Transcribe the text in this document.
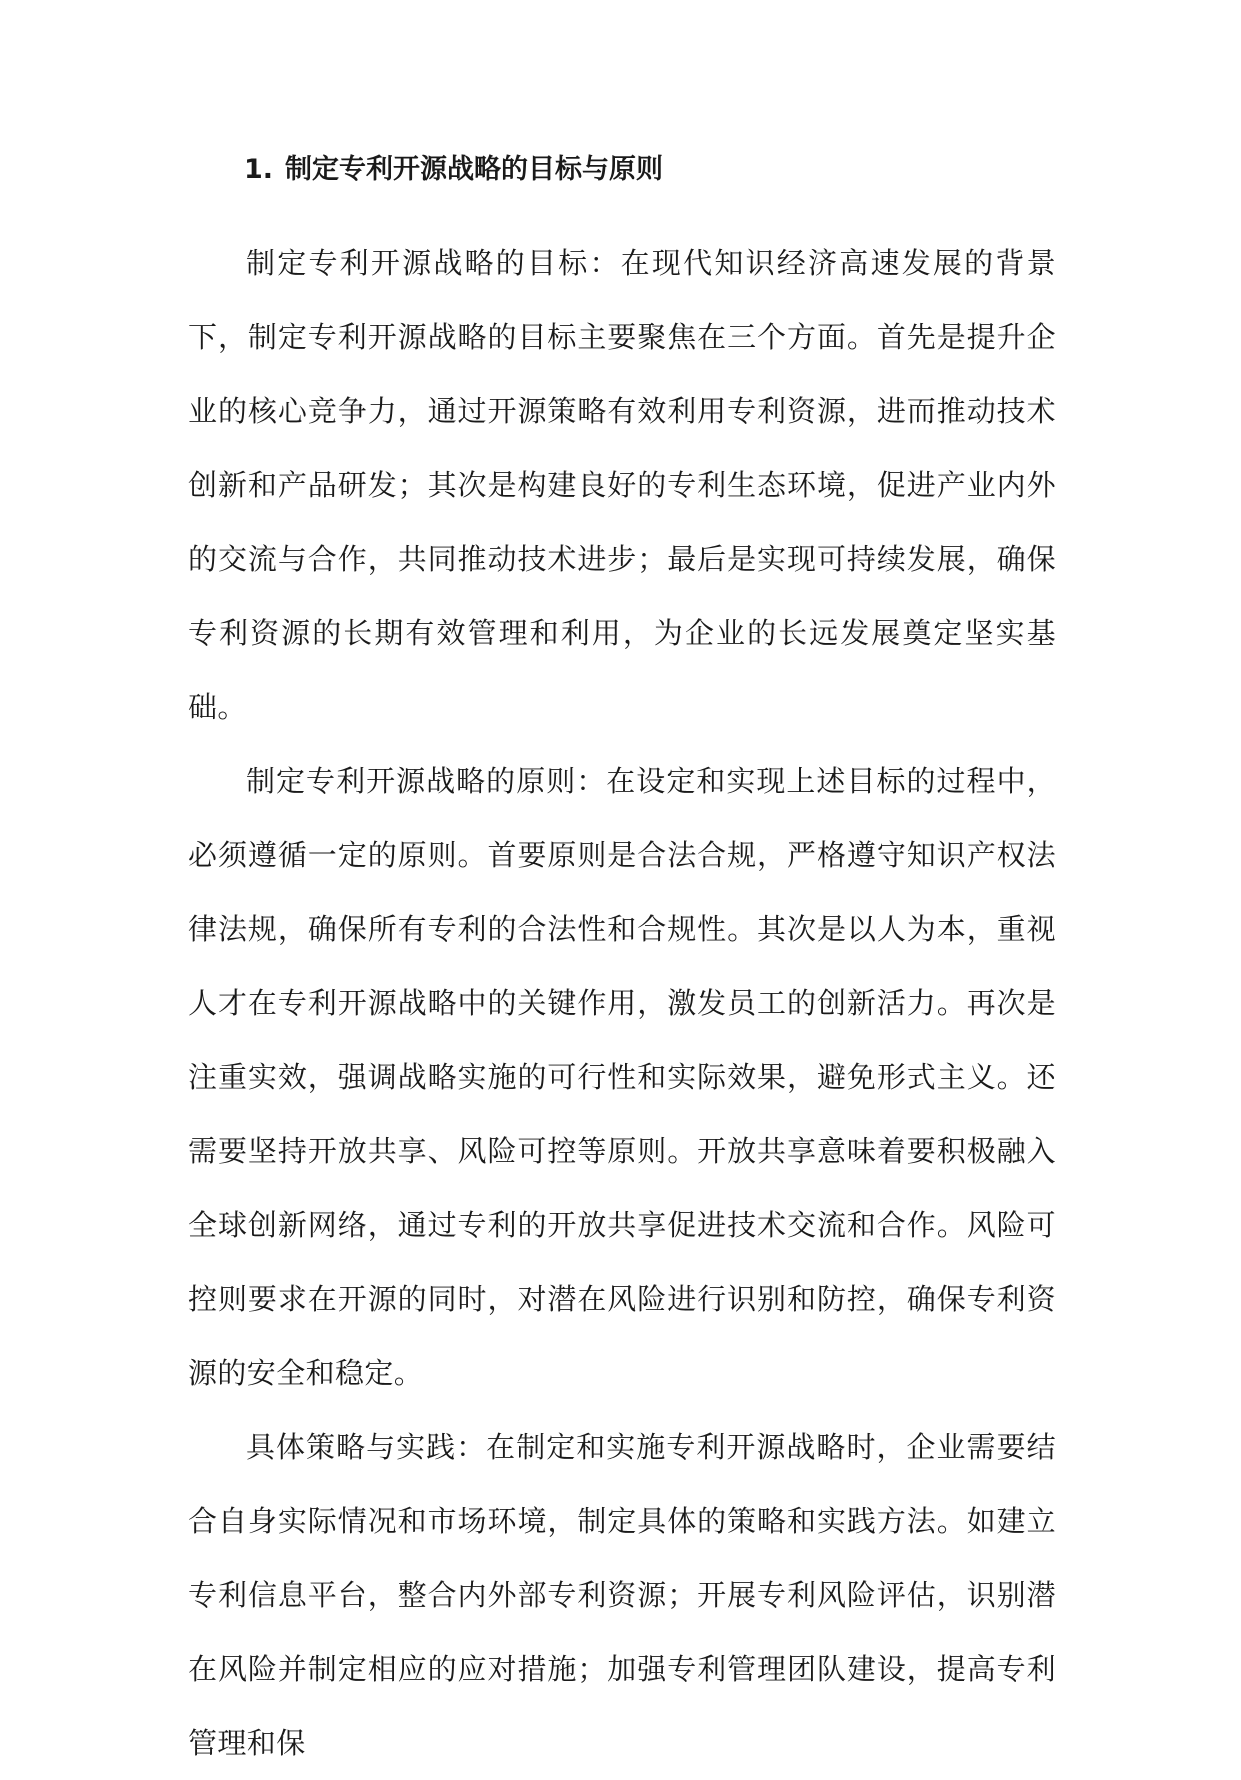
1. 制定专利开源战略的目标与原则

制定专利开源战略的目标：在现代知识经济高速发展的背景下，制定专利开源战略的目标主要聚焦在三个方面。首先是提升企业的核心竞争力，通过开源策略有效利用专利资源，进而推动技术创新和产品研发；其次是构建良好的专利生态环境，促进产业内外的交流与合作，共同推动技术进步；最后是实现可持续发展，确保专利资源的长期有效管理和利用，为企业的长远发展奠定坚实基础。

制定专利开源战略的原则：在设定和实现上述目标的过程中，必须遵循一定的原则。首要原则是合法合规，严格遵守知识产权法律法规，确保所有专利的合法性和合规性。其次是以人为本，重视人才在专利开源战略中的关键作用，激发员工的创新活力。再次是注重实效，强调战略实施的可行性和实际效果，避免形式主义。还需要坚持开放共享、风险可控等原则。开放共享意味着要积极融入全球创新网络，通过专利的开放共享促进技术交流和合作。风险可控则要求在开源的同时，对潜在风险进行识别和防控，确保专利资源的安全和稳定。

具体策略与实践：在制定和实施专利开源战略时，企业需要结合自身实际情况和市场环境，制定具体的策略和实践方法。如建立专利信息平台，整合内外部专利资源；开展专利风险评估，识别潜在风险并制定相应的应对措施；加强专利管理团队建设，提高专利管理和保
